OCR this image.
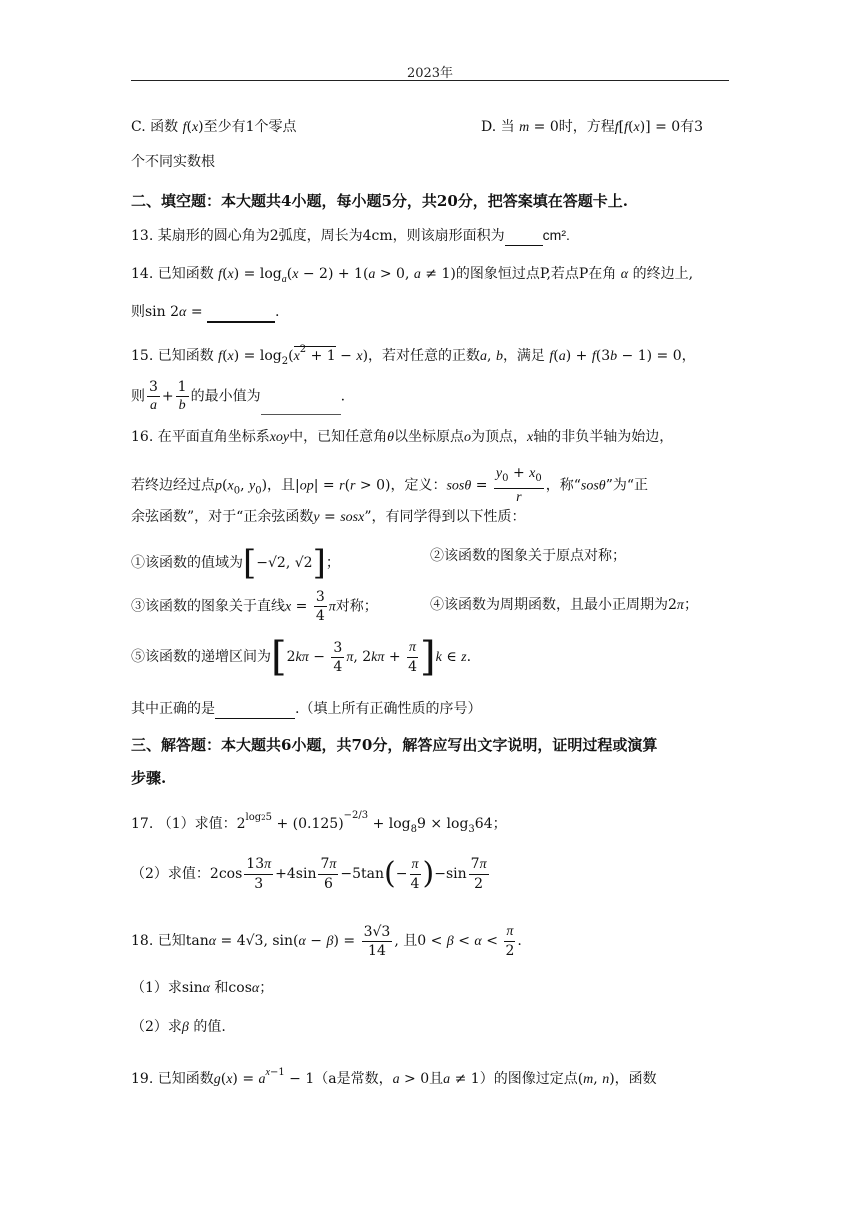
2023年
C. 函数 f(x)至少有1个零点	D. 当 m = 0时，方程f[f(x)] = 0有3
个不同实数根
二、填空题：本大题共4小题，每小题5分，共20分，把答案填在答题卡上.
13. 某扇形的圆心角为2弧度，周长为4cm，则该扇形面积为	cm².
14. 已知函数 $f(x) = \log_a(x - 2) + 1(a > 0$, a ≠ 1)的图象恒过点P,若点P在角 α 的终边上,
则sin 2α =	.
15. 已知函数 $f(x) = \log_2(x^2 + 1 - x)$，若对任意的正数a, b，满足 f(a) + f(3b − 1) = 0，
则 $\frac{3}{a} + \frac{1}{b}$ 的最小值为	.
16. 在平面直角坐标系xoy中，已知任意角θ以坐标原点o为顶点，x轴的非负半轴为始边，
若终边经过点$p(x_0$, $y_0$)，且|op| = r(r > 0)，定义：$sos\theta = \frac{y_0 + x_0}{r}$ ，称“sosθ”为“正
余弦函数”，对于“正余弦函数y = sosx”，有同学得到以下性质：
①该函数的值域为[−√2, √2]；	②该函数的图象关于原点对称；
③该函数的图象关于直线$x = \frac{3}{4}$ π对称；	④该函数为周期函数，且最小正周期为2π；
⑤该函数的递增区间为[$2k\pi - \frac{3}{4} \pi$, $2k\pi + \frac{\pi}{4} ]k$ ∈ z.
其中正确的是	.（填上所有正确性质的序号）
三、解答题：本大题共6小题，共70分，解答应写出文字说明，证明过程或演算
步骤.
17. （1）求值：$2^{log25} + (0.125)^{-2/3} + \log_89 \times \log_364$；
（2）求值：$2\cos \frac{13\pi}{3} +4\sin \frac{7\pi}{6} -5\tan(- \frac{\pi}{4} )-\sin \frac{7\pi}{2}$
18. 已知tanα = 4√3, $\sin(\alpha - \beta) = \frac{3√3}{14}$ , 且$0 < \beta < \alpha < \frac{\pi}{2}$ .
（1）求sinα 和cosα；
（2）求β 的值.
19. 已知函数$g(x) = a^{x-1} - 1(a$是常数，a > 0且a ≠ 1）的图像过定点(m, n)，函数
